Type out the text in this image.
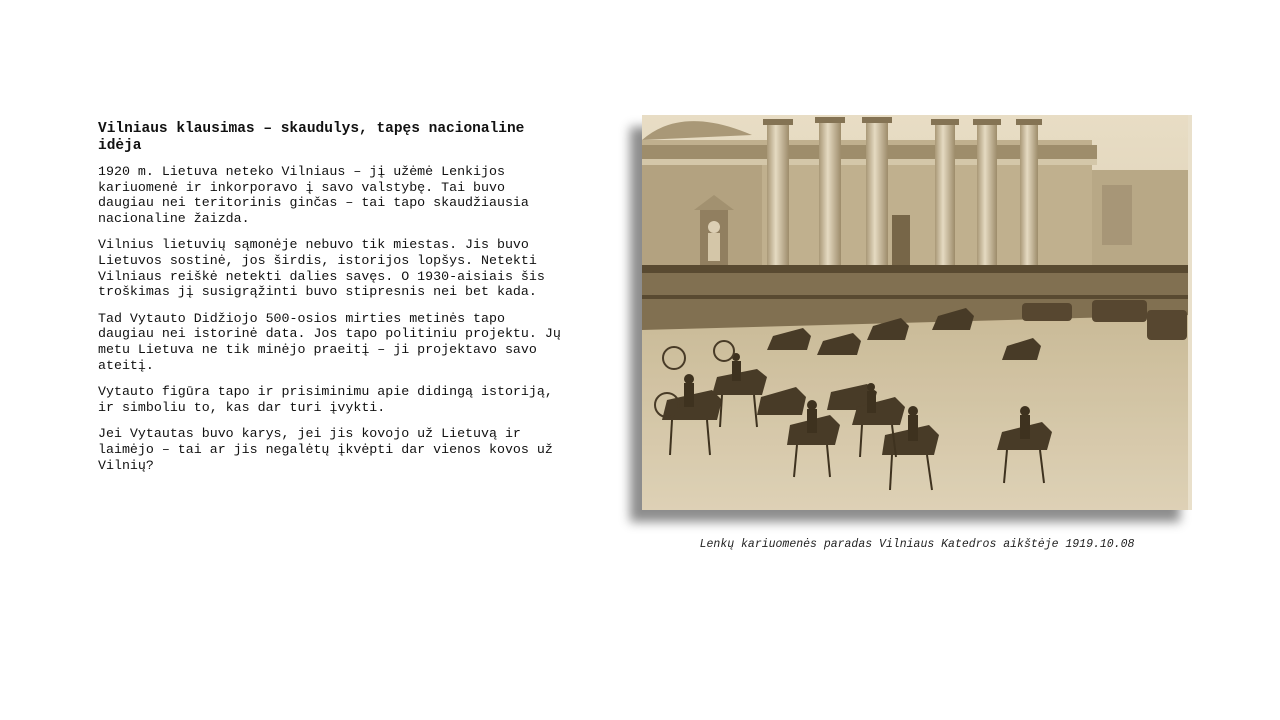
Vilniaus klausimas – skaudulys, tapęs nacionaline idėja
1920 m. Lietuva neteko Vilniaus – jį užėmė Lenkijos kariuomenė ir inkorporavo į savo valstybę. Tai buvo daugiau nei teritorinis ginčas – tai tapo skaudžiausia nacionaline žaizda.
Vilnius lietuvių sąmonėje nebuvo tik miestas. Jis buvo Lietuvos sostinė, jos širdis, istorijos lopšys. Netekti Vilniaus reiškė netekti dalies savęs. O 1930-aisiais šis troškimas jį susigrąžinti buvo stipresnis nei bet kada.
Tad Vytauto Didžiojo 500-osios mirties metinės tapo daugiau nei istorinė data. Jos tapo politiniu projektu. Jų metu Lietuva ne tik minėjo praeitį – ji projektavo savo ateitį.
Vytauto figūra tapo ir prisiminimu apie didingą istoriją, ir simboliu to, kas dar turi įvykti.
Jei Vytautas buvo karys, jei jis kovojo už Lietuvą ir laimėjo – tai ar jis negalėtų įkvėpti dar vienos kovos už Vilnių?
Lenkų kariuomenės paradas Vilniaus Katedros aikštėje 1919.10.08
